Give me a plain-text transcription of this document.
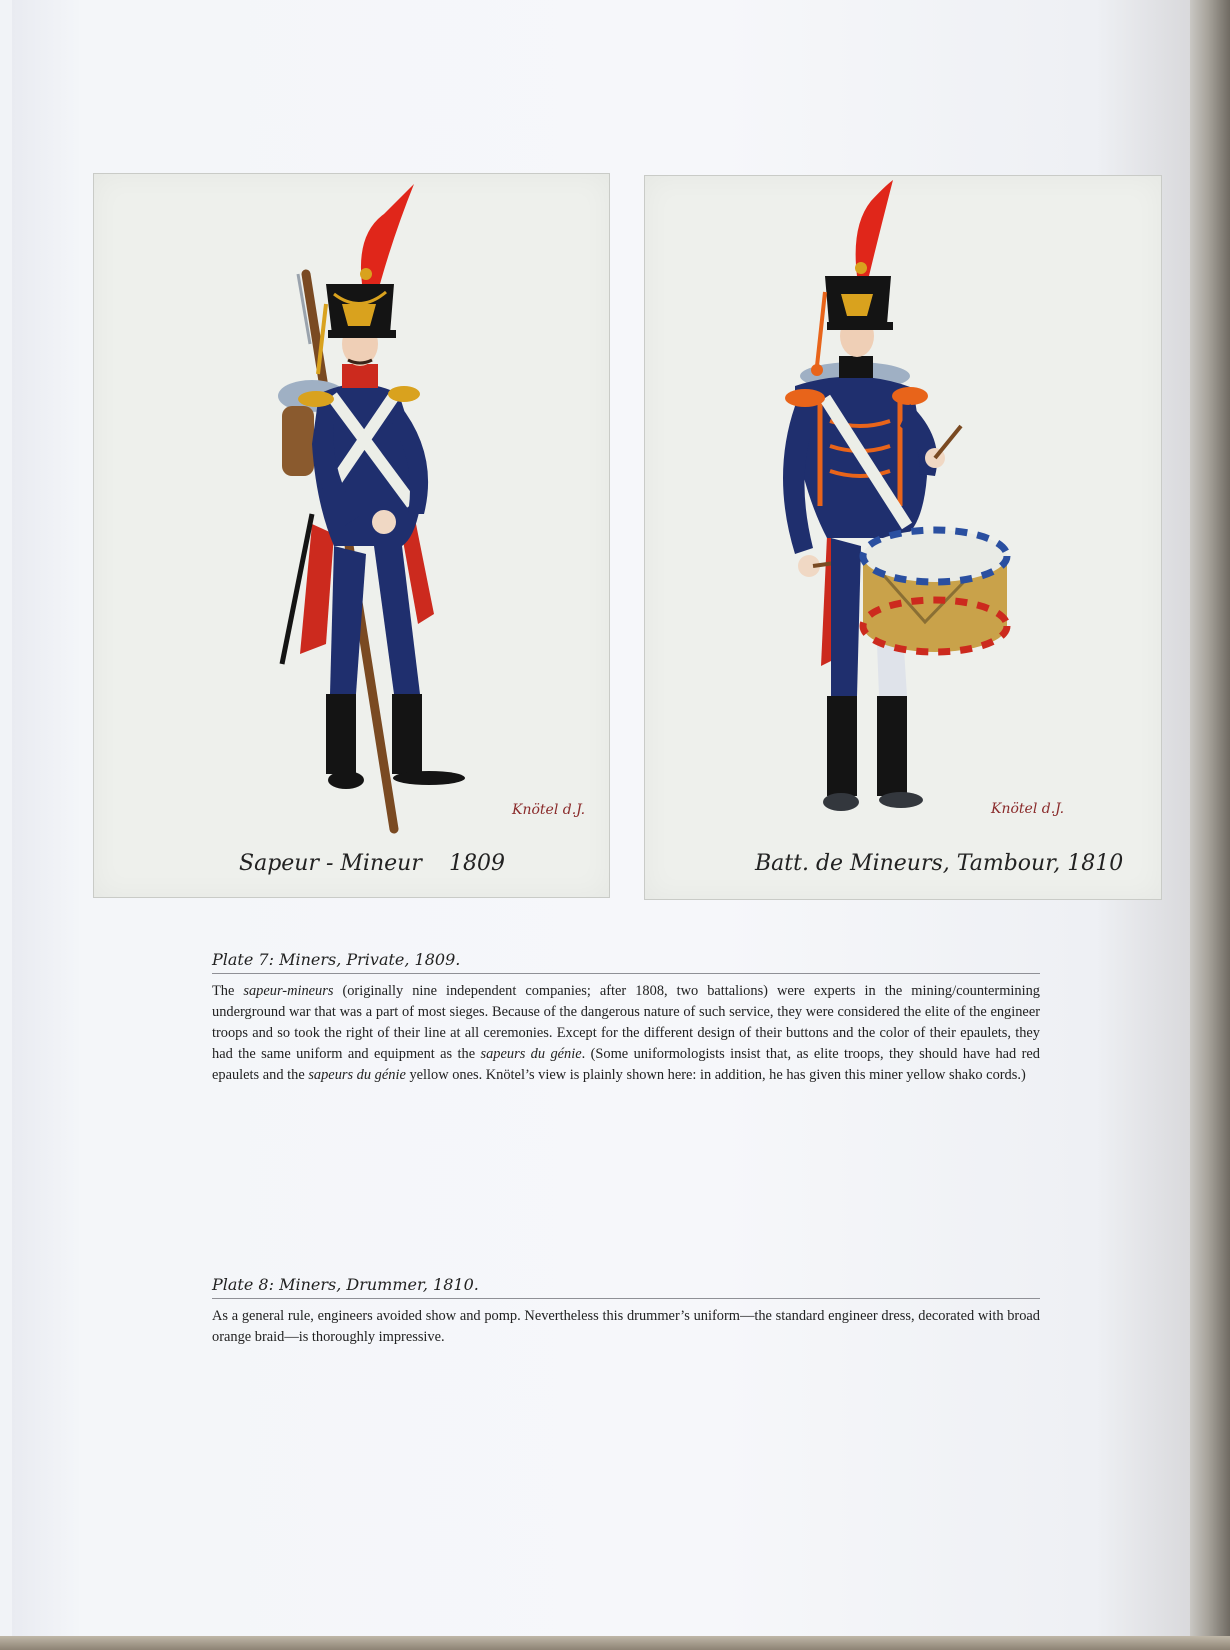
Knötel d.J.
Sapeur - Mineur 1809
Knötel d.J.
Batt. de Mineurs, Tambour, 1810
Plate 7: Miners, Private, 1809.
The sapeur-mineurs (originally nine independent companies; after 1808, two battalions) were experts in the mining/countermining underground war that was a part of most sieges. Because of the dangerous nature of such service, they were considered the elite of the engineer troops and so took the right of their line at all ceremonies. Except for the different design of their buttons and the color of their epaulets, they had the same uniform and equipment as the sapeurs du génie. (Some uniformologists insist that, as elite troops, they should have had red epaulets and the sapeurs du génie yellow ones. Knötel’s view is plainly shown here: in addition, he has given this miner yellow shako cords.)
Plate 8: Miners, Drummer, 1810.
As a general rule, engineers avoided show and pomp. Nevertheless this drummer’s uniform—the standard engineer dress, decorated with broad orange braid—is thoroughly impressive.
